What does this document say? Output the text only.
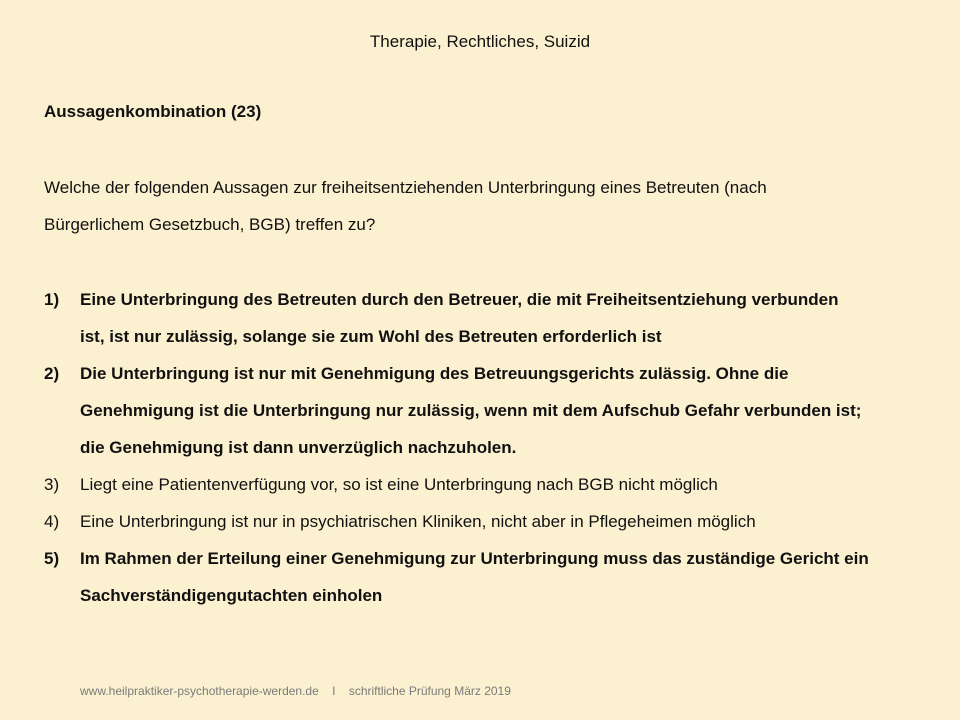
Therapie, Rechtliches, Suizid
Aussagenkombination (23)
Welche der folgenden Aussagen zur freiheitsentziehenden Unterbringung eines Betreuten (nach
Bürgerlichem Gesetzbuch, BGB) treffen zu?
1)	Eine Unterbringung des Betreuten durch den Betreuer, die mit Freiheitsentziehung verbunden
ist, ist nur zulässig, solange sie zum Wohl des Betreuten erforderlich ist
2)	Die Unterbringung ist nur mit Genehmigung des Betreuungsgerichts zulässig. Ohne die
Genehmigung ist die Unterbringung nur zulässig, wenn mit dem Aufschub Gefahr verbunden ist;
die Genehmigung ist dann unverzüglich nachzuholen.
3)	Liegt eine Patientenverfügung vor, so ist eine Unterbringung nach BGB nicht möglich
4)	Eine Unterbringung ist nur in psychiatrischen Kliniken, nicht aber in Pflegeheimen möglich
5)	Im Rahmen der Erteilung einer Genehmigung zur Unterbringung muss das zuständige Gericht ein
Sachverständigengutachten einholen
www.heilpraktiker-psychotherapie-werden.de I schriftliche Prüfung März 2019
